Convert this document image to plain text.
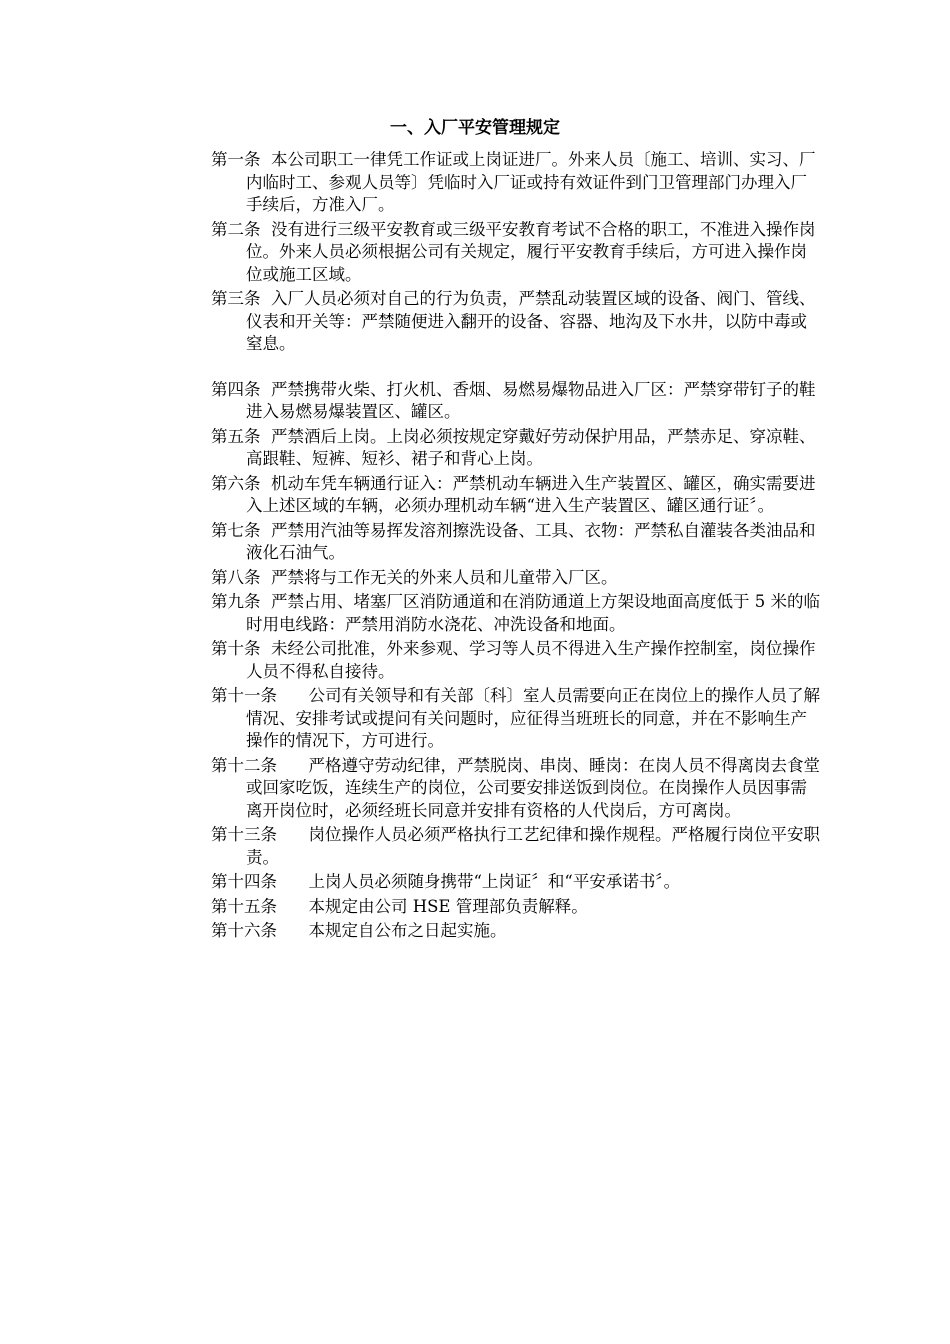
一、入厂平安管理规定
第一条  本公司职工一律凭工作证或上岗证进厂。外来人员〔施工、培训、实习、厂内临时工、参观人员等〕凭临时入厂证或持有效证件到门卫管理部门办理入厂手续后，方准入厂。
第二条  没有进行三级平安教育或三级平安教育考试不合格的职工，不准进入操作岗位。外来人员必须根据公司有关规定，履行平安教育手续后，方可进入操作岗位或施工区域。
第三条  入厂人员必须对自己的行为负责，严禁乱动装置区域的设备、阀门、管线、仪表和开关等：严禁随便进入翻开的设备、容器、地沟及下水井，以防中毒或窒息。
第四条  严禁携带火柴、打火机、香烟、易燃易爆物品进入厂区：严禁穿带钉子的鞋进入易燃易爆装置区、罐区。
第五条  严禁酒后上岗。上岗必须按规定穿戴好劳动保护用品，严禁赤足、穿凉鞋、高跟鞋、短裤、短衫、裙子和背心上岗。
第六条  机动车凭车辆通行证入：严禁机动车辆进入生产装置区、罐区，确实需要进入上述区域的车辆，必须办理机动车辆“进入生产装置区、罐区通行证〞。
第七条  严禁用汽油等易挥发溶剂擦洗设备、工具、衣物：严禁私自灌装各类油品和液化石油气。
第八条  严禁将与工作无关的外来人员和儿童带入厂区。
第九条  严禁占用、堵塞厂区消防通道和在消防通道上方架设地面高度低于 5 米的临时用电线路：严禁用消防水浇花、冲洗设备和地面。
第十条  未经公司批准，外来参观、学习等人员不得进入生产操作控制室，岗位操作人员不得私自接待。
第十一条      公司有关领导和有关部〔科〕室人员需要向正在岗位上的操作人员了解情况、安排考试或提问有关问题时，应征得当班班长的同意，并在不影响生产操作的情况下，方可进行。
第十二条      严格遵守劳动纪律，严禁脱岗、串岗、睡岗：在岗人员不得离岗去食堂或回家吃饭，连续生产的岗位，公司要安排送饭到岗位。在岗操作人员因事需离开岗位时，必须经班长同意并安排有资格的人代岗后，方可离岗。
第十三条      岗位操作人员必须严格执行工艺纪律和操作规程。严格履行岗位平安职责。
第十四条      上岗人员必须随身携带“上岗证〞和“平安承诺书〞。
第十五条      本规定由公司 HSE 管理部负责解释。
第十六条      本规定自公布之日起实施。
